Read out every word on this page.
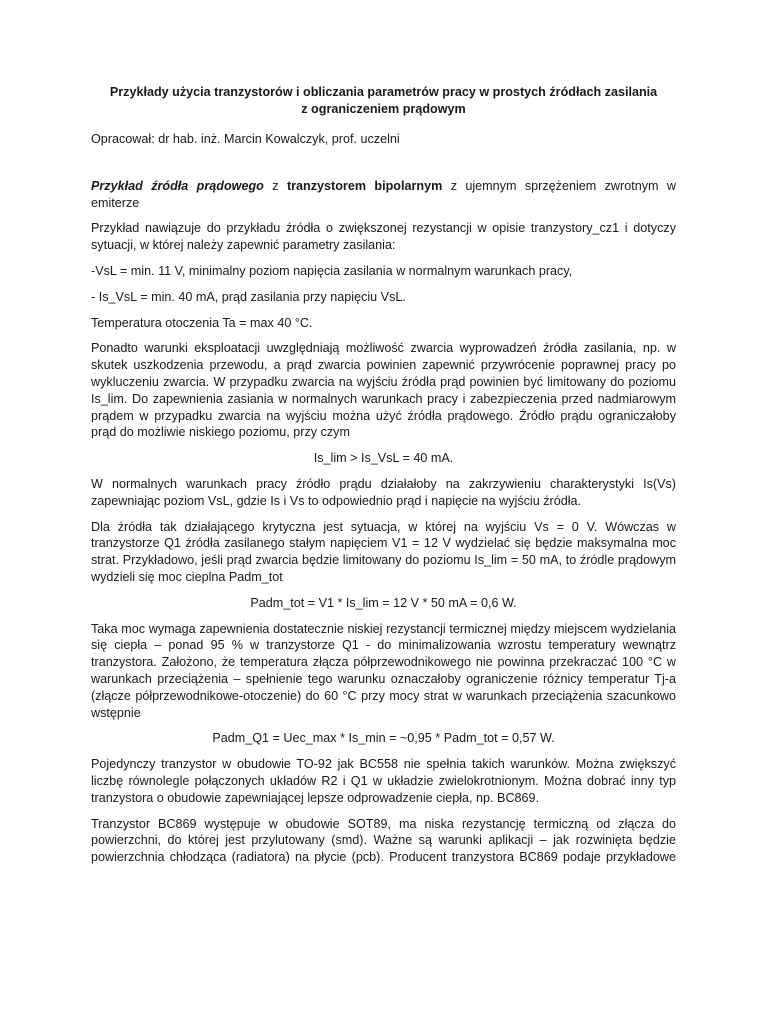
Przykłady użycia tranzystorów i obliczania parametrów pracy w prostych źródłach zasilania
z ograniczeniem prądowym

Opracował: dr hab. inż. Marcin Kowalczyk, prof. uczelni

Przykład źródła prądowego z tranzystorem bipolarnym z ujemnym sprzężeniem zwrotnym w emiterze

Przykład nawiązuje do przykładu źródła o zwiększonej rezystancji w opisie tranzystory_cz1 i dotyczy sytuacji, w której należy zapewnić parametry zasilania:

-VsL = min. 11 V, minimalny poziom napięcia zasilania w normalnym warunkach pracy,

- Is_VsL = min. 40 mA, prąd zasilania przy napięciu VsL.

Temperatura otoczenia Ta = max 40 °C.

Ponadto warunki eksploatacji uwzględniają możliwość zwarcia wyprowadzeń źródła zasilania, np. w skutek uszkodzenia przewodu, a prąd zwarcia powinien zapewnić przywrócenie poprawnej pracy po wykluczeniu zwarcia. W przypadku zwarcia na wyjściu źródła prąd powinien być limitowany do poziomu Is_lim. Do zapewnienia zasiania w normalnych warunkach pracy i zabezpieczenia przed nadmiarowym prądem w przypadku zwarcia na wyjściu można użyć źródła prądowego. Źródło prądu ograniczałoby prąd do możliwie niskiego poziomu, przy czym

Is_lim > Is_VsL = 40 mA.

W normalnych warunkach pracy źródło prądu działałoby na zakrzywieniu charakterystyki Is(Vs) zapewniając poziom VsL, gdzie Is i Vs to odpowiednio prąd i napięcie na wyjściu źródła.

Dla źródła tak działającego krytyczna jest sytuacja, w której na wyjściu Vs = 0 V. Wówczas w tranzystorze Q1 źródła zasilanego stałym napięciem V1 = 12 V wydzielać się będzie maksymalna moc strat. Przykładowo, jeśli prąd zwarcia będzie limitowany do poziomu Is_lim = 50 mA, to źródle prądowym wydzieli się moc cieplna Padm_tot

Padm_tot = V1 * Is_lim = 12 V * 50 mA = 0,6 W.

Taka moc wymaga zapewnienia dostatecznie niskiej rezystancji termicznej między miejscem wydzielania się ciepła – ponad 95 % w tranzystorze Q1 - do minimalizowania wzrostu temperatury wewnątrz tranzystora. Założono, że temperatura złącza półprzewodnikowego nie powinna przekraczać 100 °C w warunkach przeciążenia – spełnienie tego warunku oznaczałoby ograniczenie różnicy temperatur Tj-a (złącze półprzewodnikowe-otoczenie) do 60 °C przy mocy strat w warunkach przeciążenia szacunkowo wstępnie

Padm_Q1 = Uec_max * Is_min = ~0,95 * Padm_tot = 0,57 W.

Pojedynczy tranzystor w obudowie TO-92 jak BC558 nie spełnia takich warunków. Można zwiększyć liczbę równolegle połączonych układów R2 i Q1 w układzie zwielokrotnionym. Można dobrać inny typ tranzystora o obudowie zapewniającej lepsze odprowadzenie ciepła, np. BC869.

Tranzystor BC869 występuje w obudowie SOT89, ma niska rezystancję termiczną od złącza do powierzchni, do której jest przylutowany (smd). Ważne są warunki aplikacji – jak rozwinięta będzie powierzchnia chłodząca (radiatora) na płycie (pcb). Producent tranzystora BC869 podaje przykładowe
